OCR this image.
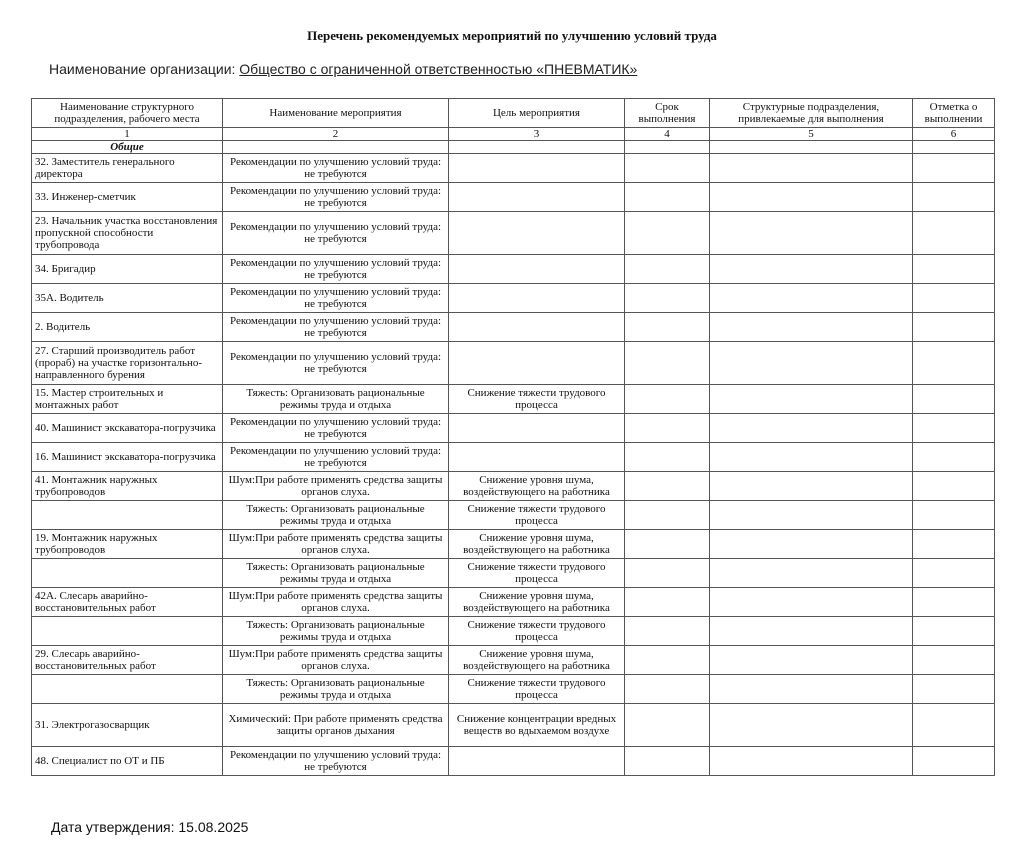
Перечень рекомендуемых мероприятий по улучшению условий труда
Наименование организации: Общество с ограниченной ответственностью «ПНЕВМАТИК»
Наименование структурного подразделения, рабочего места	Наименование мероприятия	Цель мероприятия	Срок выполнения	Структурные подразделения, привлекаемые для выполнения	Отметка о выполнении
1	2	3	4	5	6
Общие					
32. Заместитель генерального директора	Рекомендации по улучшению условий труда: не требуются				
33. Инженер-сметчик	Рекомендации по улучшению условий труда: не требуются				
23. Начальник участка восстановления пропускной способности трубопровода	Рекомендации по улучшению условий труда: не требуются				
34. Бригадир	Рекомендации по улучшению условий труда: не требуются				
35А. Водитель	Рекомендации по улучшению условий труда: не требуются				
2. Водитель	Рекомендации по улучшению условий труда: не требуются				
27. Старший производитель работ (прораб) на участке горизонтально-направленного бурения	Рекомендации по улучшению условий труда: не требуются				
15. Мастер строительных и монтажных работ	Тяжесть: Организовать рациональные режимы труда и отдыха	Снижение тяжести трудового процесса			
40. Машинист экскаватора-погрузчика	Рекомендации по улучшению условий труда: не требуются				
16. Машинист экскаватора-погрузчика	Рекомендации по улучшению условий труда: не требуются				
41. Монтажник наружных трубопроводов	Шум:При работе применять средства защиты органов слуха.	Снижение уровня шума, воздействующего на работника			
	Тяжесть: Организовать рациональные режимы труда и отдыха	Снижение тяжести трудового процесса			
19. Монтажник наружных трубопроводов	Шум:При работе применять средства защиты органов слуха.	Снижение уровня шума, воздействующего на работника			
	Тяжесть: Организовать рациональные режимы труда и отдыха	Снижение тяжести трудового процесса			
42А. Слесарь аварийно-восстановительных работ	Шум:При работе применять средства защиты органов слуха.	Снижение уровня шума, воздействующего на работника			
	Тяжесть: Организовать рациональные режимы труда и отдыха	Снижение тяжести трудового процесса			
29. Слесарь аварийно-восстановительных работ	Шум:При работе применять средства защиты органов слуха.	Снижение уровня шума, воздействующего на работника			
	Тяжесть: Организовать рациональные режимы труда и отдыха	Снижение тяжести трудового процесса			
31. Электрогазосварщик	Химический: При работе применять средства защиты органов дыхания	Снижение концентрации вредных веществ во вдыхаемом воздухе			
48. Специалист по ОТ и ПБ	Рекомендации по улучшению условий труда: не требуются				
Дата утверждения: 15.08.2025
